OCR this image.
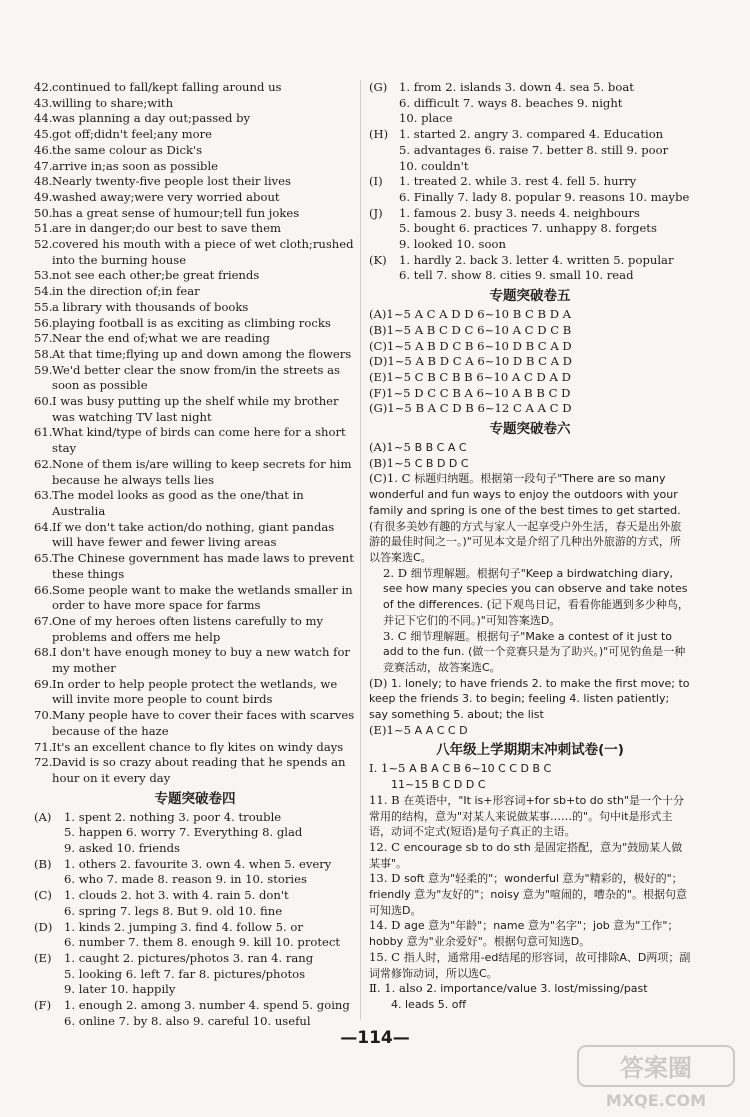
42. continued to fall/kept falling around us
43. willing to share;with
44. was planning a day out;passed by
45. got off;didn't feel;any more
46. the same colour as Dick's
47. arrive in;as soon as possible
48. Nearly twenty-five people lost their lives
49. washed away;were very worried about
50. has a great sense of humour;tell fun jokes
51. are in danger;do our best to save them
52. covered his mouth with a piece of wet cloth;rushed into the burning house
53. not see each other;be great friends
54. in the direction of;in fear
55. a library with thousands of books
56. playing football is as exciting as climbing rocks
57. Near the end of;what we are reading
58. At that time;flying up and down among the flowers
59. We'd better clear the snow from/in the streets as soon as possible
60. I was busy putting up the shelf while my brother was watching TV last night
61. What kind/type of birds can come here for a short stay
62. None of them is/are willing to keep secrets for him because he always tells lies
63. The model looks as good as the one/that in Australia
64. If we don't take action/do nothing, giant pandas will have fewer and fewer living areas
65. The Chinese government has made laws to prevent these things
66. Some people want to make the wetlands smaller in order to have more space for farms
67. One of my heroes often listens carefully to my problems and offers me help
68. I don't have enough money to buy a new watch for my mother
69. In order to help people protect the wetlands, we will invite more people to count birds
70. Many people have to cover their faces with scarves because of the haze
71. It's an excellent chance to fly kites on windy days
72. David is so crazy about reading that he spends an hour on it every day
专题突破卷四
(A)	1. spent 2. nothing 3. poor 4. trouble
5. happen 6. worry 7. Everything 8. glad
9. asked 10. friends
(B)	1. others 2. favourite 3. own 4. when 5. every
6. who 7. made 8. reason 9. in 10. stories
(C)	1. clouds 2. hot 3. with 4. rain 5. don't
6. spring 7. legs 8. But 9. old 10. fine
(D)	1. kinds 2. jumping 3. find 4. follow 5. or
6. number 7. them 8. enough 9. kill 10. protect
(E)	1. caught 2. pictures/photos 3. ran 4. rang
5. looking 6. left 7. far 8. pictures/photos
9. later 10. happily
(F)	1. enough 2. among 3. number 4. spend 5. going
6. online 7. by 8. also 9. careful 10. useful
(G)	1. from 2. islands 3. down 4. sea 5. boat
6. difficult 7. ways 8. beaches 9. night
10. place
(H) 1. started 2. angry 3. compared 4. Education
5. advantages 6. raise 7. better 8. still 9. poor
10. couldn't
(I)	1. treated 2. while 3. rest 4. fell 5. hurry
6. Finally 7. lady 8. popular 9. reasons 10. maybe
(J)	1. famous 2. busy 3. needs 4. neighbours
5. bought 6. practices 7. unhappy 8. forgets
9. looked 10. soon
(K)	1. hardly 2. back 3. letter 4. written 5. popular
6. tell 7. show 8. cities 9. small 10. read
专题突破卷五
(A)1~5 A C A D D 6~10 B C B D A
(B)1~5 A B C D C 6~10 A C D C B
(C)1~5 A B D C B 6~10 D B C A D
(D)1~5 A B D C A 6~10 D B C A D
(E)1~5 C B C B B 6~10 A C D A D
(F)1~5 D C C B A 6~10 A B B C D
(G)1~5 B A C D B 6~12 C A A C D
专题突破卷六
(A)1~5 B B C A C
(B)1~5 C B D D C
(C)1. C 标题归纳题。根据第一段句子"There are so many wonderful and fun ways to enjoy the outdoors with your family and spring is one of the best times to get started. (有很多美妙有趣的方式与家人一起享受户外生活，春天是出外旅游的最佳时间之一。)"可见本文是介绍了几种出外旅游的方式，所以答案选C。
2. D 细节理解题。根据句子"Keep a birdwatching diary, see how many species you can observe and take notes of the differences. (记下观鸟日记，看看你能遇到多少种鸟，并记下它们的不同。)"可知答案选D。
3. C 细节理解题。根据句子"Make a contest of it just to add to the fun. (做一个竞赛只是为了助兴。)"可见钓鱼是一种竞赛活动，故答案选C。
(D) 1. lonely; to have friends 2. to make the first move; to keep the friends 3. to begin; feeling 4. listen patiently; say something 5. about; the list
(E)1~5 A A C C D
八年级上学期期末冲刺试卷(一)
Ⅰ. 1~5 A B A C B 6~10 C C D B C
11~15 B C D D C
11. B 在英语中，"It is+形容词+for sb+to do sth"是一个十分常用的结构，意为"对某人来说做某事……的"。句中it是形式主语，动词不定式(短语)是句子真正的主语。
12. C encourage sb to do sth 是固定搭配，意为"鼓励某人做某事"。
13. D soft 意为"轻柔的"；wonderful 意为"精彩的，极好的"；friendly 意为"友好的"；noisy 意为"喧闹的，嘈杂的"。根据句意可知选D。
14. D age 意为"年龄"；name 意为"名字"；job 意为"工作"；hobby 意为"业余爱好"。根据句意可知选D。
15. C 指人时，通常用-ed结尾的形容词，故可排除A、D两项；副词常修饰动词，所以选C。
Ⅱ. 1. also 2. importance/value 3. lost/missing/past
4. leads 5. off
—114—
答案圈
MXQE.COM
